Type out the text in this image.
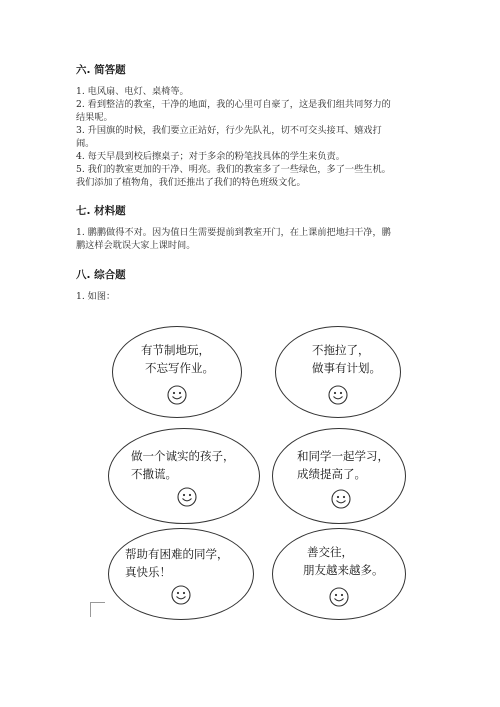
六. 简答题
1. 电风扇、电灯、桌椅等。
2. 看到整洁的教室，干净的地面，我的心里可自豪了，这是我们组共同努力的
结果呢。
3. 升国旗的时候，我们要立正站好，行少先队礼，切不可交头接耳、嬉戏打
闹。
4. 每天早晨到校后擦桌子；对于多余的粉笔找具体的学生来负责。
5. 我们的教室更加的干净、明亮。我们的教室多了一些绿色，多了一些生机。
我们添加了植物角，我们还推出了我们的特色班级文化。
七. 材料题
1. 鹏鹏做得不对。因为值日生需要提前到教室开门，在上课前把地扫干净，鹏
鹏这样会耽误大家上课时间。
八. 综合题
1. 如图：
有节制地玩，
不忘写作业。
不拖拉了，
做事有计划。
做一个诚实的孩子，
不撒谎。
和同学一起学习，
成绩提高了。
帮助有困难的同学，
真快乐！
善交往，
朋友越来越多。
